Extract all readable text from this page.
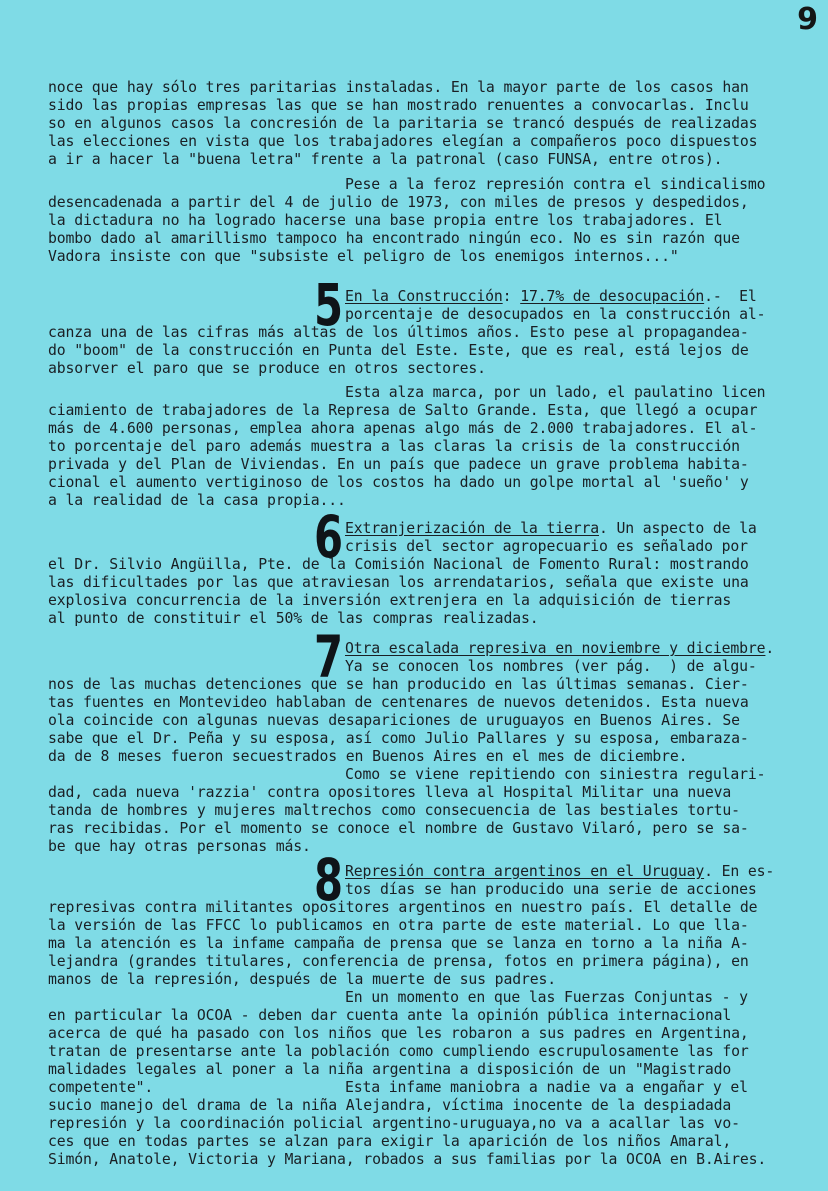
9
noce que hay sólo tres paritarias instaladas. En la mayor parte de los casos han
sido las propias empresas las que se han mostrado renuentes a convocarlas. Inclu
so en algunos casos la concresión de la paritaria se trancó después de realizadas
las elecciones en vista que los trabajadores elegían a compañeros poco dispuestos
a ir a hacer la "buena letra" frente a la patronal (caso FUNSA, entre otros).
Pese a la feroz represión contra el sindicalismo
desencadenada a partir del 4 de julio de 1973, con miles de presos y despedidos,
la dictadura no ha logrado hacerse una base propia entre los trabajadores. El
bombo dado al amarillismo tampoco ha encontrado ningún eco. No es sin razón que
Vadora insiste con que "subsiste el peligro de los enemigos internos..."
5 En la Construcción: 17.7% de desocupación.-  El
porcentaje de desocupados en la construcción al-
canza una de las cifras más altas de los últimos años. Esto pese al propagandea-
do "boom" de la construcción en Punta del Este. Este, que es real, está lejos de
absorver el paro que se produce en otros sectores.
Esta alza marca, por un lado, el paulatino licen
ciamiento de trabajadores de la Represa de Salto Grande. Esta, que llegó a ocupar
más de 4.600 personas, emplea ahora apenas algo más de 2.000 trabajadores. El al-
to porcentaje del paro además muestra a las claras la crisis de la construcción
privada y del Plan de Viviendas. En un país que padece un grave problema habita-
cional el aumento vertiginoso de los costos ha dado un golpe mortal al 'sueño' y
a la realidad de la casa propia...
6 Extranjerización de la tierra. Un aspecto de la
crisis del sector agropecuario es señalado por
el Dr. Silvio Angüilla, Pte. de la Comisión Nacional de Fomento Rural: mostrando
las dificultades por las que atraviesan los arrendatarios, señala que existe una
explosiva concurrencia de la inversión extrenjera en la adquisición de tierras
al punto de constituir el 50% de las compras realizadas.
7 Otra escalada represiva en noviembre y diciembre.
Ya se conocen los nombres (ver pág.  ) de algu-
nos de las muchas detenciones que se han producido en las últimas semanas. Cier-
tas fuentes en Montevideo hablaban de centenares de nuevos detenidos. Esta nueva
ola coincide con algunas nuevas desapariciones de uruguayos en Buenos Aires. Se
sabe que el Dr. Peña y su esposa, así como Julio Pallares y su esposa, embaraza-
da de 8 meses fueron secuestrados en Buenos Aires en el mes de diciembre.
Como se viene repitiendo con siniestra regulari-
dad, cada nueva 'razzia' contra opositores lleva al Hospital Militar una nueva
tanda de hombres y mujeres maltrechos como consecuencia de las bestiales tortu-
ras recibidas. Por el momento se conoce el nombre de Gustavo Vilaró, pero se sa-
be que hay otras personas más. 8 Represión contra argentinos en el Uruguay. En es-
tos días se han producido una serie de acciones
represivas contra militantes opositores argentinos en nuestro país. El detalle de
la versión de las FFCC lo publicamos en otra parte de este material. Lo que lla-
ma la atención es la infame campaña de prensa que se lanza en torno a la niña A-
lejandra (grandes titulares, conferencia de prensa, fotos en primera página), en
manos de la represión, después de la muerte de sus padres.
En un momento en que las Fuerzas Conjuntas - y
en particular la OCOA - deben dar cuenta ante la opinión pública internacional
acerca de qué ha pasado con los niños que les robaron a sus padres en Argentina,
tratan de presentarse ante la población como cumpliendo escrupulosamente las for
malidades legales al poner a la niña argentina a disposición de un "Magistrado
competente".	Esta infame maniobra a nadie va a engañar y el
sucio manejo del drama de la niña Alejandra, víctima inocente de la despiadada
represión y la coordinación policial argentino-uruguaya,no va a acallar las vo-
ces que en todas partes se alzan para exigir la aparición de los niños Amaral,
Simón, Anatole, Victoria y Mariana, robados a sus familias por la OCOA en B.Aires.
